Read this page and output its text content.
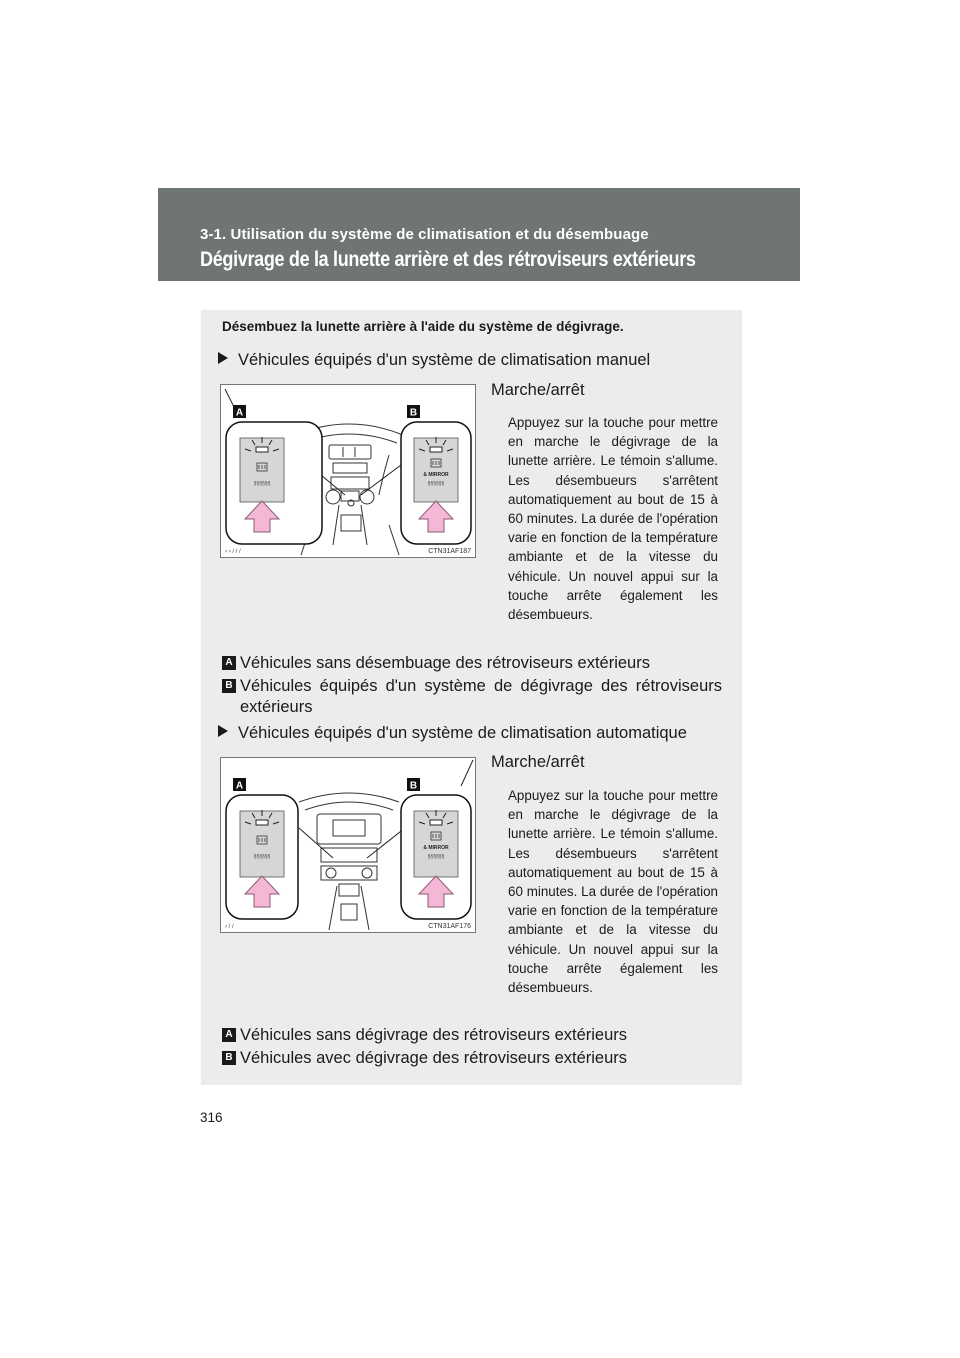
3-1. Utilisation du système de climatisation et du désembuage
Dégivrage de la lunette arrière et des rétroviseurs extérieurs
Désembuez la lunette arrière à l'aide du système de dégivrage.
Véhicules équipés d'un système de climatisation manuel
A
§§§§§§
B
& MIRROR
§§§§§§
⸗ ⸗ / / /	CTN31AF187
Marche/arrêt
Appuyez sur la touche pour mettre en marche le dégivrage de la lunette arrière. Le témoin s'allume. Les désembueurs s'arrêtent automatiquement au bout de 15 à 60 minutes. La durée de l'opération varie en fonction de la température ambiante et de la vitesse du véhicule. Un nouvel appui sur la touche arrête également les désembueurs.
A Véhicules sans désembuage des rétroviseurs extérieurs
B Véhicules équipés d'un système de dégivrage des rétroviseurs extérieurs
Véhicules équipés d'un système de climatisation automatique
A
§§§§§§
B
& MIRROR
§§§§§§
⸗ / /	CTN31AF176
Marche/arrêt
Appuyez sur la touche pour mettre en marche le dégivrage de la lunette arrière. Le témoin s'allume. Les désembueurs s'arrêtent automatiquement au bout de 15 à 60 minutes. La durée de l'opération varie en fonction de la température ambiante et de la vitesse du véhicule. Un nouvel appui sur la touche arrête également les désembueurs.
A Véhicules sans dégivrage des rétroviseurs extérieurs
B Véhicules avec dégivrage des rétroviseurs extérieurs
316
